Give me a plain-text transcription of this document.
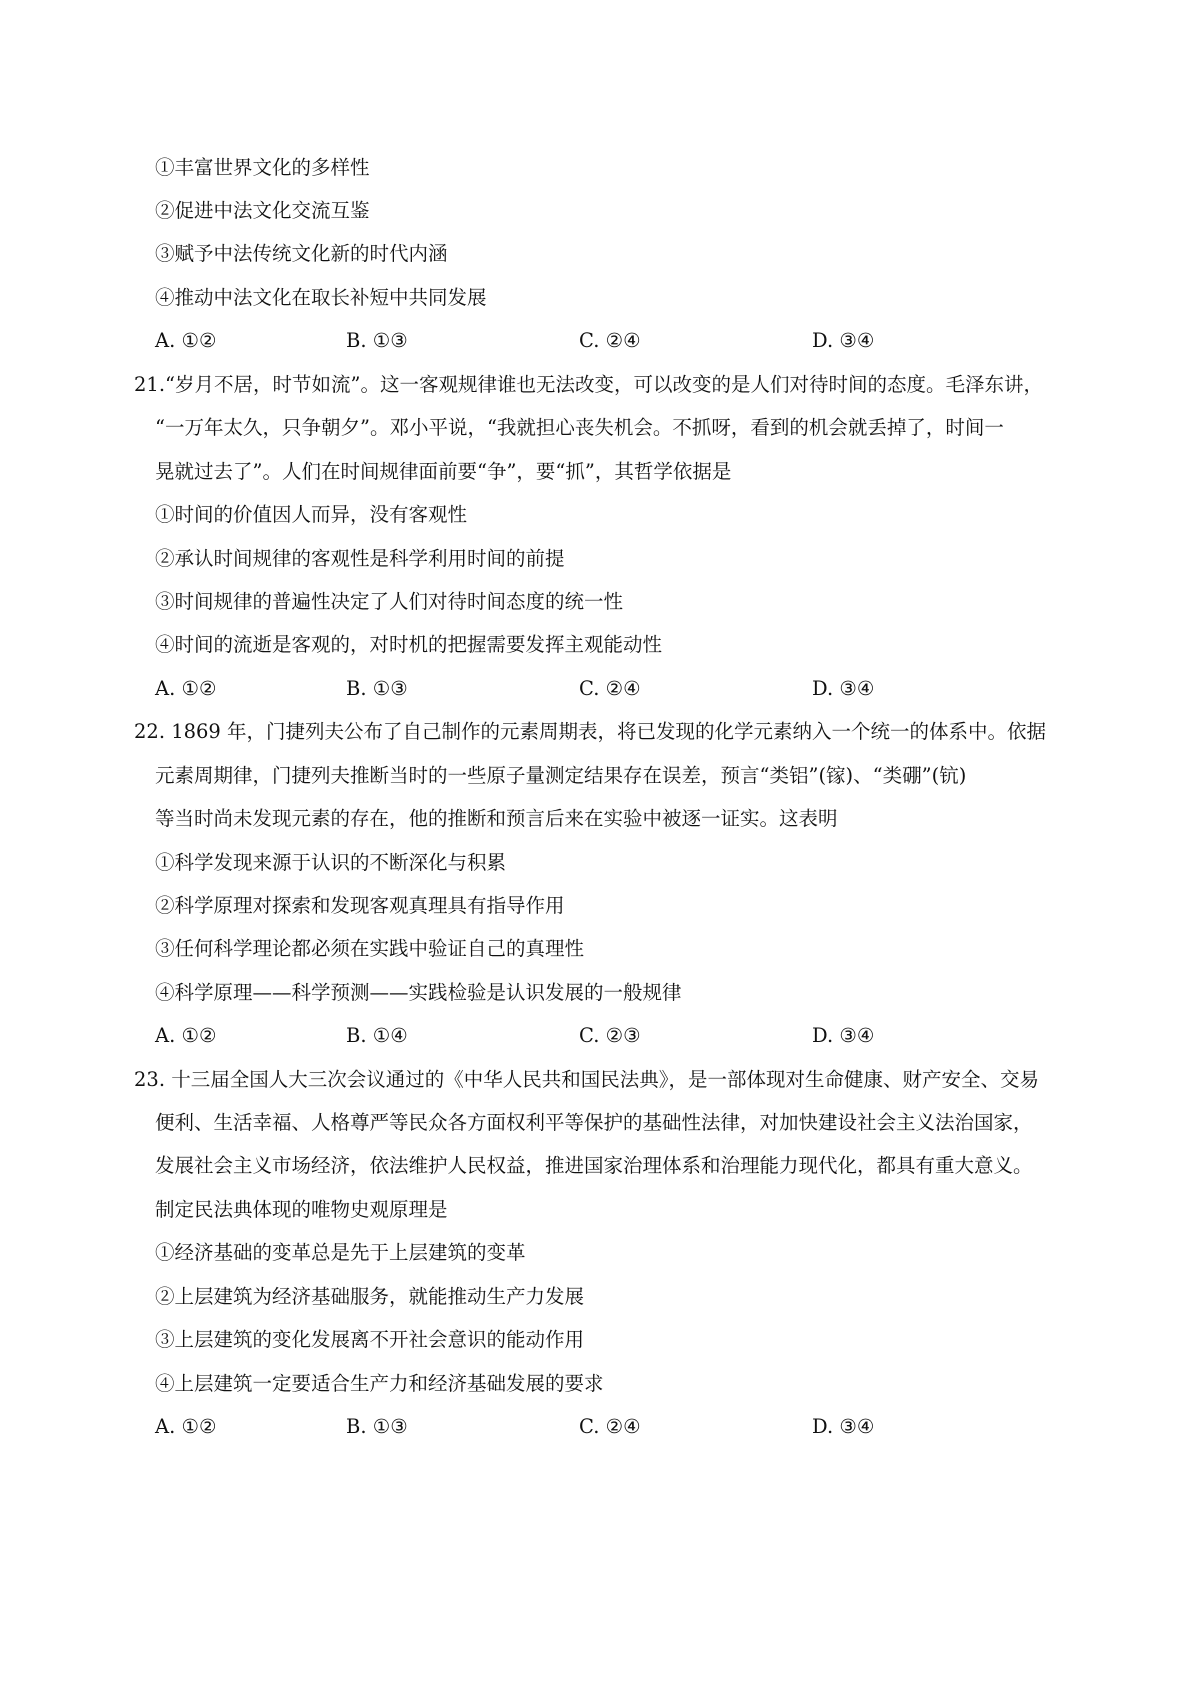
①丰富世界文化的多样性
②促进中法文化交流互鉴
③赋予中法传统文化新的时代内涵
④推动中法文化在取长补短中共同发展
A. ①②	B. ①③	C. ②④	D. ③④
21.“岁月不居，时节如流”。这一客观规律谁也无法改变，可以改变的是人们对待时间的态度。毛泽东讲，
“一万年太久，只争朝夕”。邓小平说，“我就担心丧失机会。不抓呀，看到的机会就丢掉了，时间一
晃就过去了”。人们在时间规律面前要“争”，要“抓”，其哲学依据是
①时间的价值因人而异，没有客观性
②承认时间规律的客观性是科学利用时间的前提
③时间规律的普遍性决定了人们对待时间态度的统一性
④时间的流逝是客观的，对时机的把握需要发挥主观能动性
A. ①②	B. ①③	C. ②④	D. ③④
22. 1869 年，门捷列夫公布了自己制作的元素周期表，将已发现的化学元素纳入一个统一的体系中。依据
元素周期律，门捷列夫推断当时的一些原子量测定结果存在误差，预言“类铝”(镓)、“类硼”(钪)
等当时尚未发现元素的存在，他的推断和预言后来在实验中被逐一证实。这表明
①科学发现来源于认识的不断深化与积累
②科学原理对探索和发现客观真理具有指导作用
③任何科学理论都必须在实践中验证自己的真理性
④科学原理——科学预测——实践检验是认识发展的一般规律
A. ①②	B. ①④	C. ②③	D. ③④
23. 十三届全国人大三次会议通过的《中华人民共和国民法典》，是一部体现对生命健康、财产安全、交易
便利、生活幸福、人格尊严等民众各方面权利平等保护的基础性法律，对加快建设社会主义法治国家，
发展社会主义市场经济，依法维护人民权益，推进国家治理体系和治理能力现代化，都具有重大意义。
制定民法典体现的唯物史观原理是
①经济基础的变革总是先于上层建筑的变革
②上层建筑为经济基础服务，就能推动生产力发展
③上层建筑的变化发展离不开社会意识的能动作用
④上层建筑一定要适合生产力和经济基础发展的要求
A. ①②	B. ①③	C. ②④	D. ③④
